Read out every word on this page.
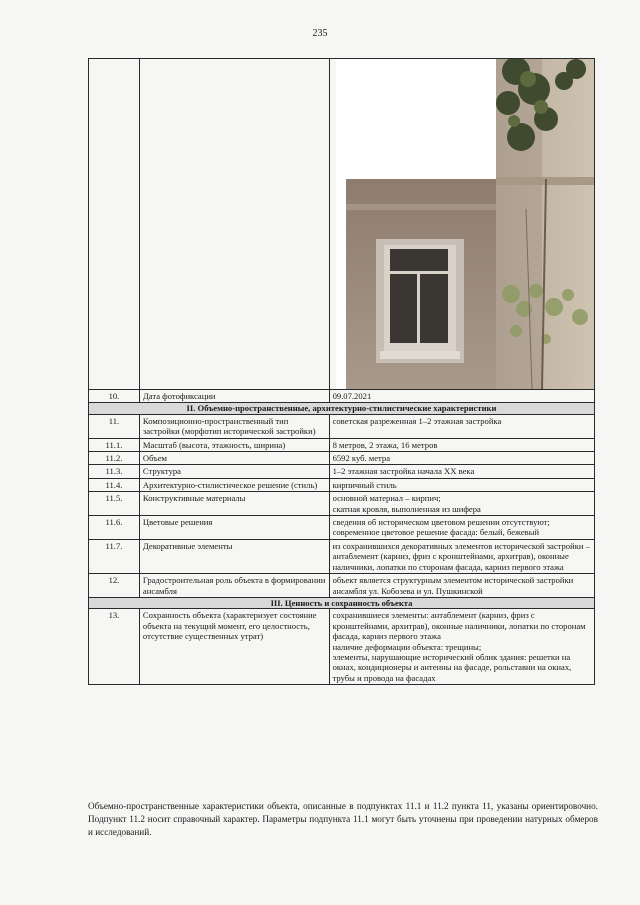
235

10.	Дата фотофиксации	09.07.2021

II. Объемно-пространственные, архитектурно-стилистические характеристики		
11.	Композиционно-пространственный тип застройки (морфотип исторической застройки)	советская разреженная 1–2 этажная застройка

11.1.	Масштаб (высота, этажность, ширина)	8 метров, 2 этажа, 16 метров

11.2.	Объем	6592 куб. метра

11.3.	Структура	1–2 этажная застройка начала XX века

11.4.	Архитектурно-стилистическое решение (стиль)	кирпичный стиль

11.5.	Конструктивные материалы	основной материал – кирпич;
скатная кровля, выполненная из шифера

11.6.	Цветовые решения	сведения об историческом цветовом решении отсутствуют;
современное цветовое решение фасада: белый, бежевый

11.7.	Декоративные элементы	из сохранившихся декоративных элементов исторической застройки – антаблемент (карниз, фриз с кронштейнами, архитрав), оконные наличники, лопатки по сторонам фасада, карниз первого этажа

12.	Градостроительная роль объекта в формировании ансамбля	объект является структурным элементом исторической застройки ансамбля ул. Кобозева и ул. Пушкинской

III. Ценность и сохранность объекта		
13.	Сохранность объекта (характеризует состояние объекта на текущий момент, его целостность, отсутствие существенных утрат)	сохранившиеся элементы: антаблемент (карниз, фриз с кронштейнами, архитрав), оконные наличники, лопатки по сторонам фасада, карниз первого этажа
наличие деформации объекта: трещины;
элементы, нарушающие исторический облик здания: решетки на окнах, кондиционеры и антенны на фасаде, рольставни на окнах, трубы и провода на фасадах
Объемно-пространственные характеристики объекта, описанные в подпунктах 11.1 и 11.2 пункта 11, указаны ориентировочно. Подпункт 11.2 носит справочный характер. Параметры подпункта 11.1 могут быть уточнены при проведении натурных обмеров и исследований.
